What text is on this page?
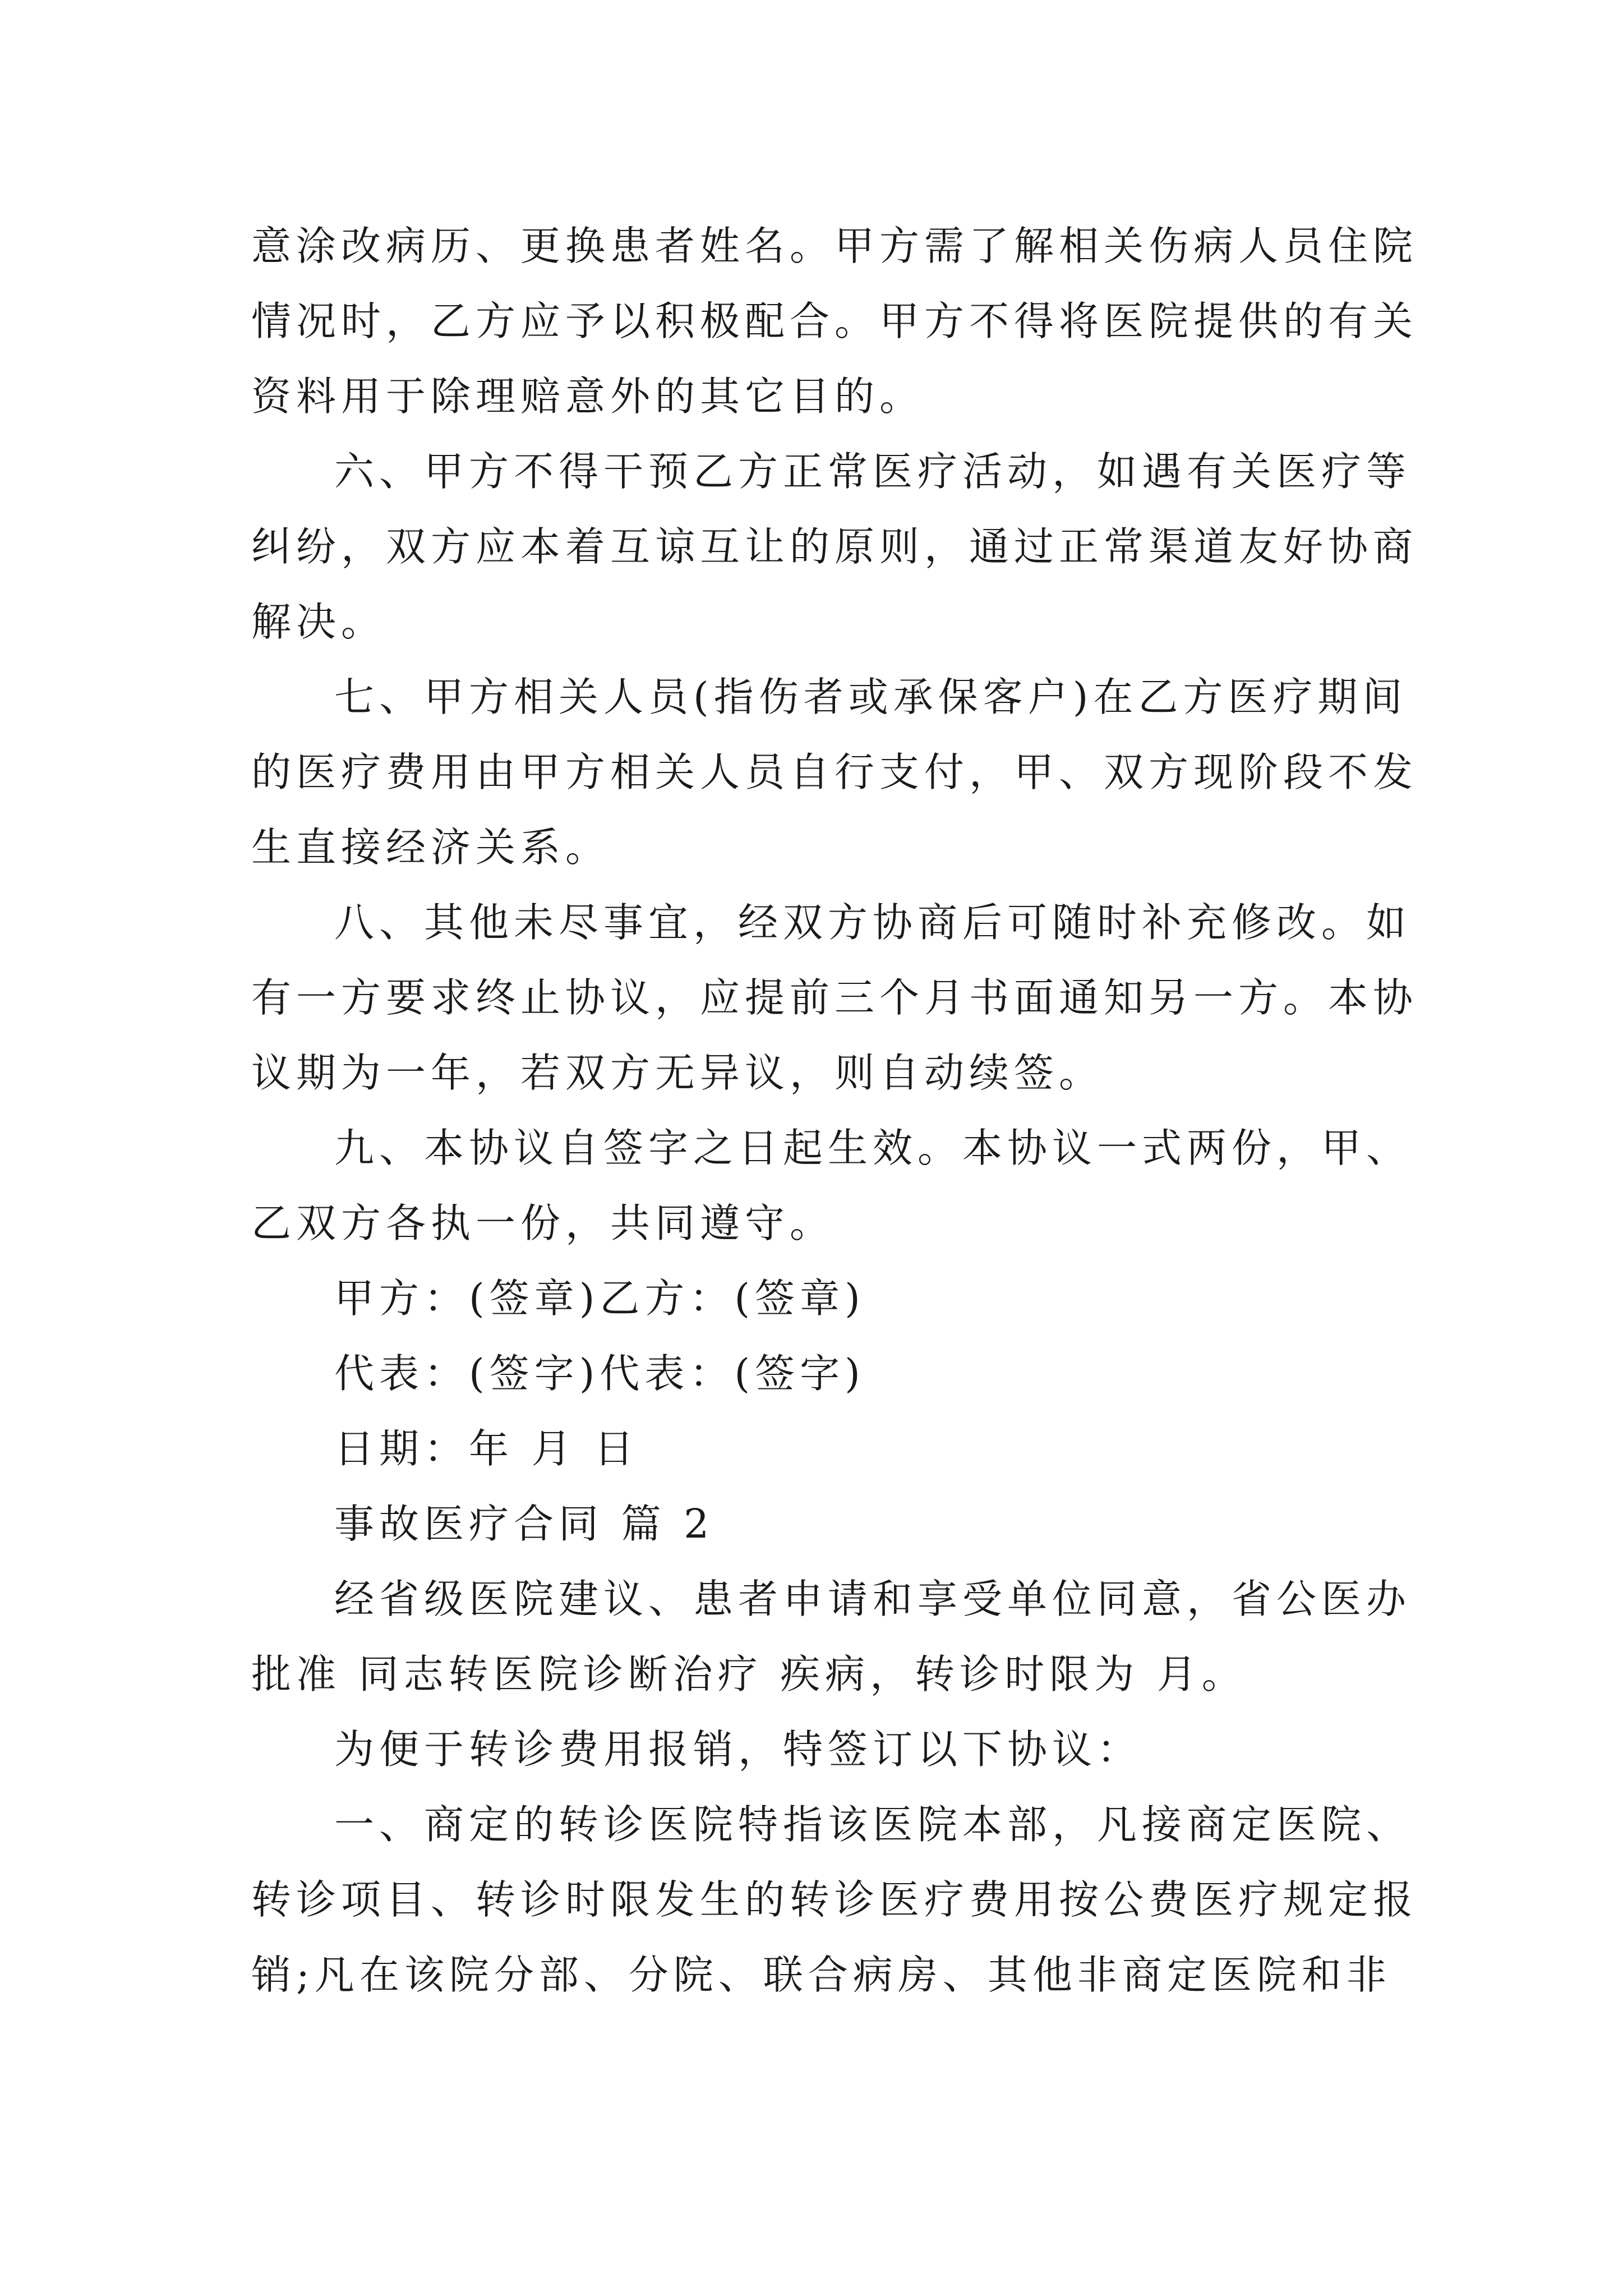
意涂改病历、更换患者姓名。甲方需了解相关伤病人员住院

情况时，乙方应予以积极配合。甲方不得将医院提供的有关

资料用于除理赔意外的其它目的。

六、甲方不得干预乙方正常医疗活动，如遇有关医疗等

纠纷，双方应本着互谅互让的原则，通过正常渠道友好协商

解决。

七、甲方相关人员(指伤者或承保客户)在乙方医疗期间

的医疗费用由甲方相关人员自行支付，甲、双方现阶段不发

生直接经济关系。

八、其他未尽事宜，经双方协商后可随时补充修改。如

有一方要求终止协议，应提前三个月书面通知另一方。本协

议期为一年，若双方无异议，则自动续签。

九、本协议自签字之日起生效。本协议一式两份，甲、

乙双方各执一份，共同遵守。

甲方：(签章)乙方：(签章)

代表：(签字)代表：(签字)

日期：年 月 日

事故医疗合同 篇 2

经省级医院建议、患者申请和享受单位同意，省公医办

批准 同志转医院诊断治疗 疾病，转诊时限为 月。

为便于转诊费用报销，特签订以下协议：

一、商定的转诊医院特指该医院本部，凡接商定医院、

转诊项目、转诊时限发生的转诊医疗费用按公费医疗规定报

销;凡在该院分部、分院、联合病房、其他非商定医院和非
